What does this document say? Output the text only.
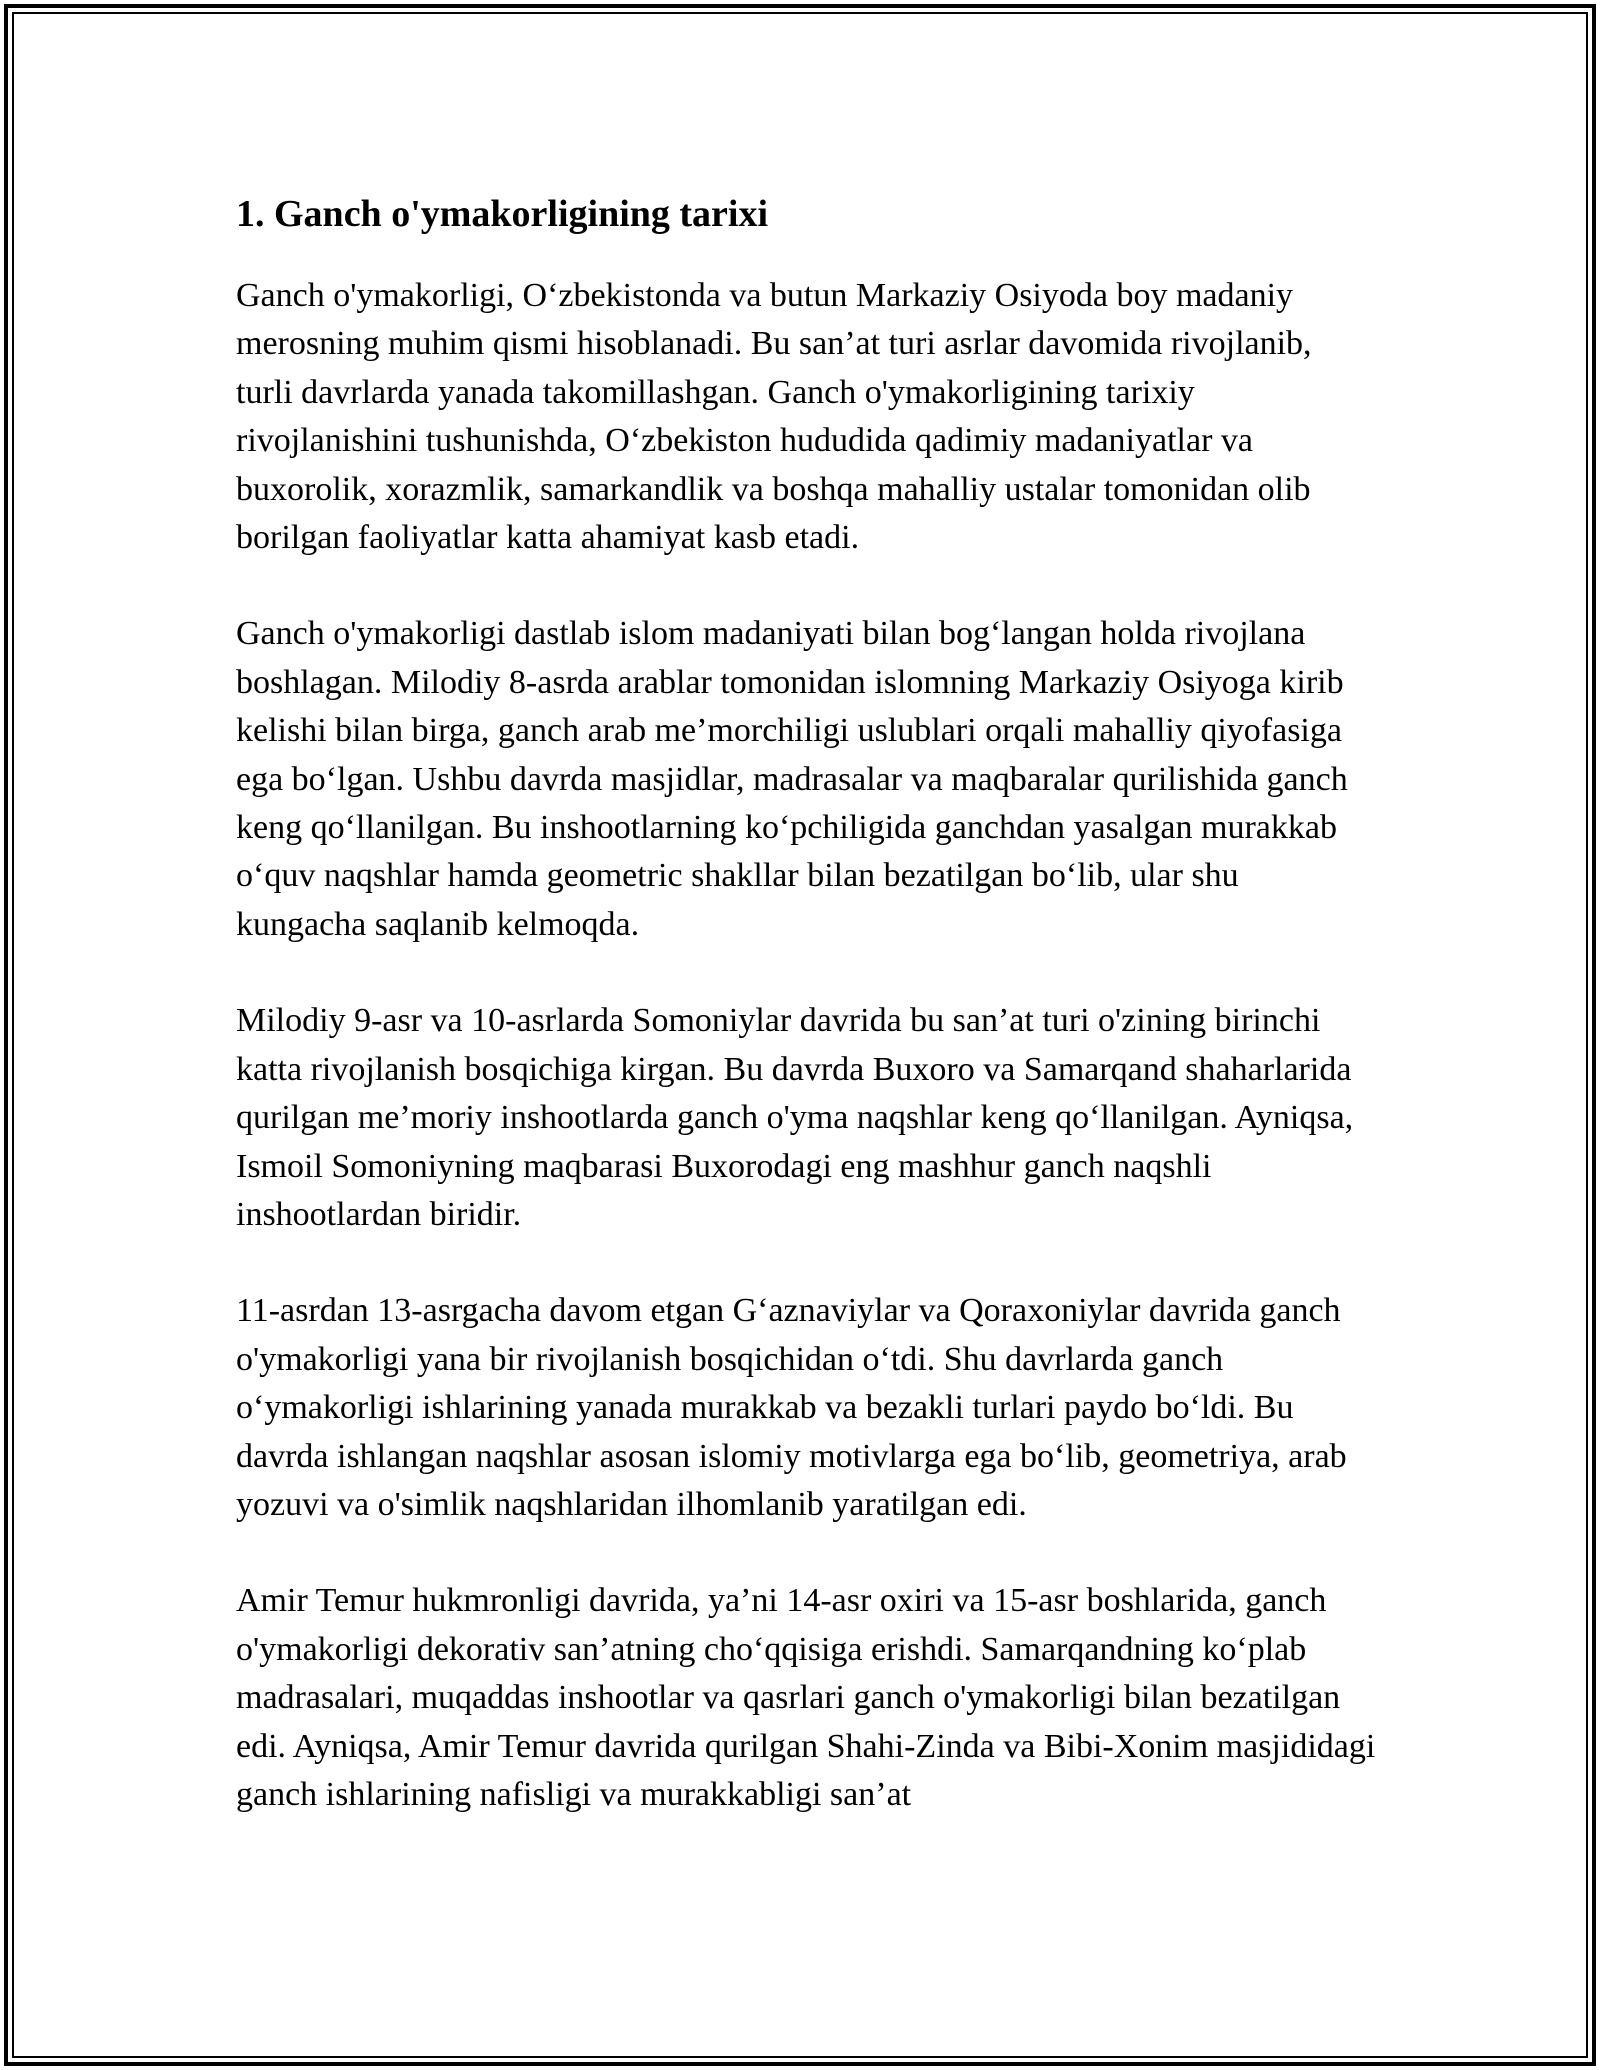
1. Ganch o'ymakorligining tarixi

Ganch o'ymakorligi, O‘zbekistonda va butun Markaziy Osiyoda boy madaniy merosning muhim qismi hisoblanadi. Bu san’at turi asrlar davomida rivojlanib, turli davrlarda yanada takomillashgan. Ganch o'ymakorligining tarixiy rivojlanishini tushunishda, O‘zbekiston hududida qadimiy madaniyatlar va buxorolik, xorazmlik, samarkandlik va boshqa mahalliy ustalar tomonidan olib borilgan faoliyatlar katta ahamiyat kasb etadi.

Ganch o'ymakorligi dastlab islom madaniyati bilan bog‘langan holda rivojlana boshlagan. Milodiy 8-asrda arablar tomonidan islomning Markaziy Osiyoga kirib kelishi bilan birga, ganch arab me’morchiligi uslublari orqali mahalliy qiyofasiga ega bo‘lgan. Ushbu davrda masjidlar, madrasalar va maqbaralar qurilishida ganch keng qo‘llanilgan. Bu inshootlarning ko‘pchiligida ganchdan yasalgan murakkab o‘quv naqshlar hamda geometric shakllar bilan bezatilgan bo‘lib, ular shu kungacha saqlanib kelmoqda.

Milodiy 9-asr va 10-asrlarda Somoniylar davrida bu san’at turi o'zining birinchi katta rivojlanish bosqichiga kirgan. Bu davrda Buxoro va Samarqand shaharlarida qurilgan me’moriy inshootlarda ganch o'yma naqshlar keng qo‘llanilgan. Ayniqsa, Ismoil Somoniyning maqbarasi Buxorodagi eng mashhur ganch naqshli inshootlardan biridir.

11-asrdan 13-asrgacha davom etgan G‘aznaviylar va Qoraxoniylar davrida ganch o'ymakorligi yana bir rivojlanish bosqichidan o‘tdi. Shu davrlarda ganch o‘ymakorligi ishlarining yanada murakkab va bezakli turlari paydo bo‘ldi. Bu davrda ishlangan naqshlar asosan islomiy motivlarga ega bo‘lib, geometriya, arab yozuvi va o'simlik naqshlaridan ilhomlanib yaratilgan edi.

Amir Temur hukmronligi davrida, ya’ni 14-asr oxiri va 15-asr boshlarida, ganch o'ymakorligi dekorativ san’atning cho‘qqisiga erishdi. Samarqandning ko‘plab madrasalari, muqaddas inshootlar va qasrlari ganch o'ymakorligi bilan bezatilgan edi. Ayniqsa, Amir Temur davrida qurilgan Shahi-Zinda va Bibi-Xonim masjididagi ganch ishlarining nafisligi va murakkabligi san’at
